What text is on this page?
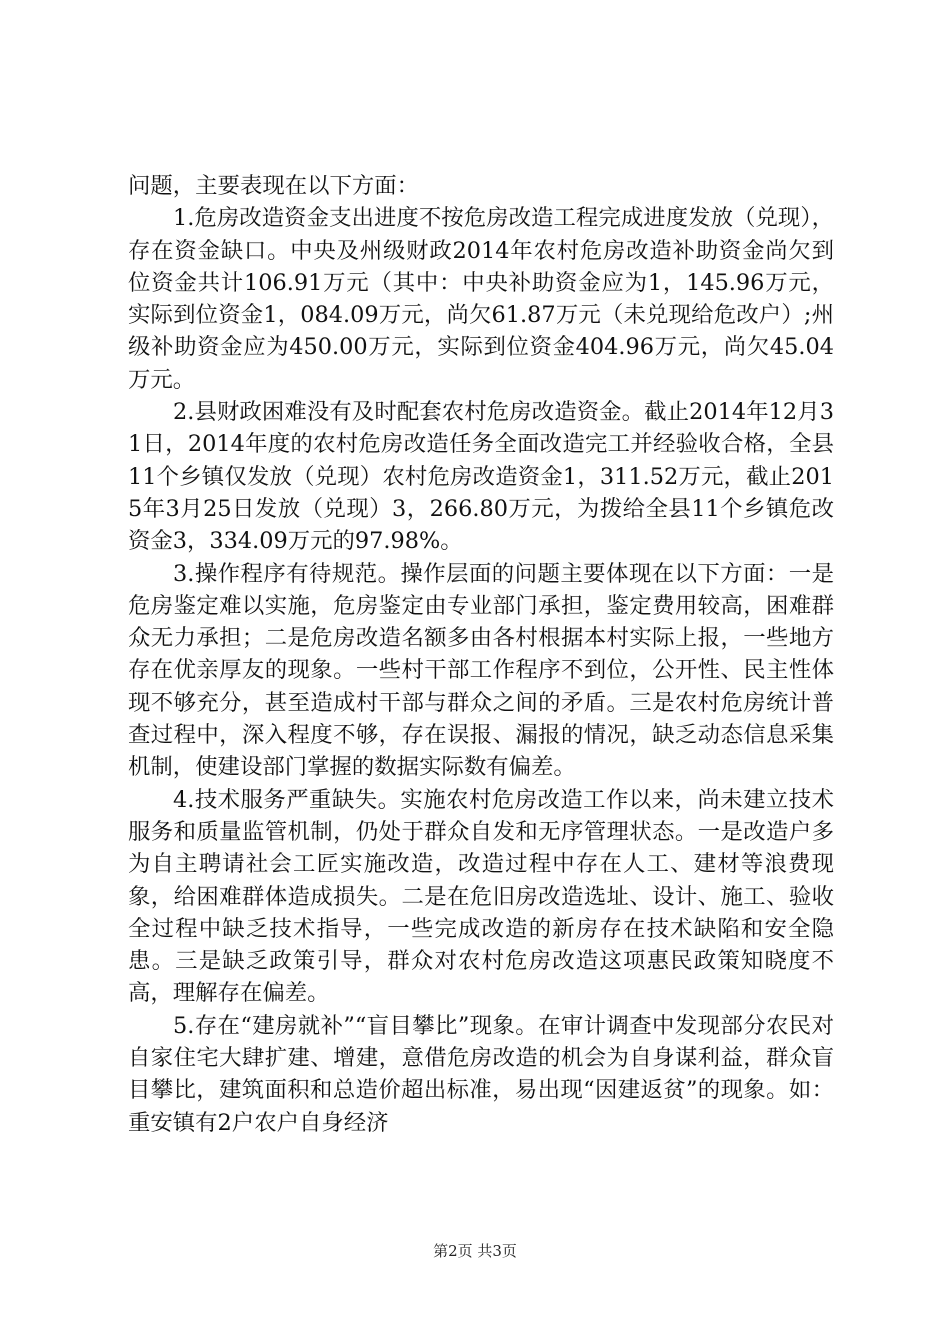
问题，主要表现在以下方面：

1.危房改造资金支出进度不按危房改造工程完成进度发放（兑现），存在资金缺口。中央及州级财政2014年农村危房改造补助资金尚欠到位资金共计106.91万元（其中：中央补助资金应为1，145.96万元，实际到位资金1，084.09万元，尚欠61.87万元（未兑现给危改户）;州级补助资金应为450.00万元，实际到位资金404.96万元，尚欠45.04万元。

2.县财政困难没有及时配套农村危房改造资金。截止2014年12月31日，2014年度的农村危房改造任务全面改造完工并经验收合格，全县11个乡镇仅发放（兑现）农村危房改造资金1，311.52万元，截止2015年3月25日发放（兑现）3，266.80万元，为拨给全县11个乡镇危改资金3，334.09万元的97.98%。

3.操作程序有待规范。操作层面的问题主要体现在以下方面：一是危房鉴定难以实施，危房鉴定由专业部门承担，鉴定费用较高，困难群众无力承担；二是危房改造名额多由各村根据本村实际上报，一些地方存在优亲厚友的现象。一些村干部工作程序不到位，公开性、民主性体现不够充分，甚至造成村干部与群众之间的矛盾。三是农村危房统计普查过程中，深入程度不够，存在误报、漏报的情况，缺乏动态信息采集机制，使建设部门掌握的数据实际数有偏差。

4.技术服务严重缺失。实施农村危房改造工作以来，尚未建立技术服务和质量监管机制，仍处于群众自发和无序管理状态。一是改造户多为自主聘请社会工匠实施改造，改造过程中存在人工、建材等浪费现象，给困难群体造成损失。二是在危旧房改造选址、设计、施工、验收全过程中缺乏技术指导，一些完成改造的新房存在技术缺陷和安全隐患。三是缺乏政策引导，群众对农村危房改造这项惠民政策知晓度不高，理解存在偏差。

5.存在“建房就补”“盲目攀比”现象。在审计调查中发现部分农民对自家住宅大肆扩建、增建，意借危房改造的机会为自身谋利益，群众盲目攀比，建筑面积和总造价超出标准，易出现“因建返贫”的现象。如：重安镇有2户农户自身经济

第2页 共3页
